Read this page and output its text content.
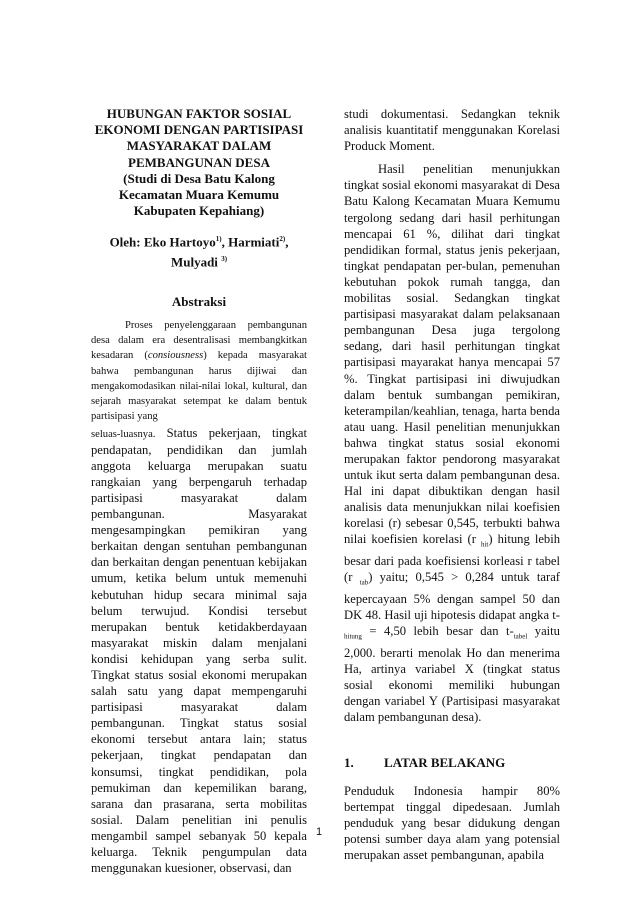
HUBUNGAN FAKTOR SOSIAL
EKONOMI DENGAN PARTISIPASI
MASYARAKAT DALAM
PEMBANGUNAN DESA
(Studi di Desa Batu Kalong
Kecamatan Muara Kemumu
Kabupaten Kepahiang)
Oleh: Eko Hartoyo$^{1)}$, Harmiati$^{2)}$,
Mulyadi $^{3)}$
Abstraksi

Proses penyelenggaraan pembangunan desa dalam era desentralisasi membangkitkan kesadaran (consiousness) kepada masyarakat bahwa pembangunan harus dijiwai dan mengakomodasikan nilai-nilai lokal, kultural, dan sejarah masyarakat setempat ke dalam bentuk partisipasi yang

seluas-luasnya. Status pekerjaan, tingkat pendapatan, pendidikan dan jumlah anggota keluarga merupakan suatu rangkaian yang berpengaruh terhadap partisipasi masyarakat dalam pembangunan. Masyarakat mengesampingkan pemikiran yang berkaitan dengan sentuhan pembangunan dan berkaitan dengan penentuan kebijakan umum, ketika belum untuk memenuhi kebutuhan hidup secara minimal saja belum terwujud. Kondisi tersebut merupakan bentuk ketidakberdayaan masyarakat miskin dalam menjalani kondisi kehidupan yang serba sulit. Tingkat status sosial ekonomi merupakan salah satu yang dapat mempengaruhi partisipasi masyarakat dalam pembangunan. Tingkat status sosial ekonomi tersebut antara lain; status pekerjaan, tingkat pendapatan dan konsumsi, tingkat pendidikan, pola pemukiman dan kepemilikan barang, sarana dan prasarana, serta mobilitas sosial. Dalam penelitian ini penulis mengambil sampel sebanyak 50 kepala keluarga. Teknik pengumpulan data menggunakan kuesioner, observasi, dan

studi dokumentasi. Sedangkan teknik analisis kuantitatif menggunakan Korelasi Produck Moment.

Hasil penelitian menunjukkan tingkat sosial ekonomi masyarakat di Desa Batu Kalong Kecamatan Muara Kemumu tergolong sedang dari hasil perhitungan mencapai 61 %, dilihat dari tingkat pendidikan formal, status jenis pekerjaan, tingkat pendapatan per-bulan, pemenuhan kebutuhan pokok rumah tangga, dan mobilitas sosial. Sedangkan tingkat partisipasi masyarakat dalam pelaksanaan pembangunan Desa juga tergolong sedang, dari hasil perhitungan tingkat partisipasi mayarakat hanya mencapai 57 %. Tingkat partisipasi ini diwujudkan dalam bentuk sumbangan pemikiran, keterampilan/keahlian, tenaga, harta benda atau uang. Hasil penelitian menunjukkan bahwa tingkat status sosial ekonomi merupakan faktor pendorong masyarakat untuk ikut serta dalam pembangunan desa. Hal ini dapat dibuktikan dengan hasil analisis data menunjukkan nilai koefisien korelasi (r) sebesar 0,545, terbukti bahwa nilai koefisien korelasi (r $_{hit}$) hitung lebih besar dari pada koefisiensi korleasi r tabel (r $_{tab}$) yaitu; 0,545 > 0,284 untuk taraf kepercayaan 5% dengan sampel 50 dan DK 48. Hasil uji hipotesis didapat angka $t-_{hitung} = 4,50$ lebih besar dan $t-_{tabel}$ yaitu 2,000. berarti menolak Ho dan menerima Ha, artinya variabel X (tingkat status sosial ekonomi memiliki hubungan dengan variabel Y (Partisipasi masyarakat dalam pembangunan desa).

1. LATAR BELAKANG

Penduduk Indonesia hampir 80% bertempat tinggal dipedesaan. Jumlah penduduk yang besar didukung dengan potensi sumber daya alam yang potensial merupakan asset pembangunan, apabila

1
